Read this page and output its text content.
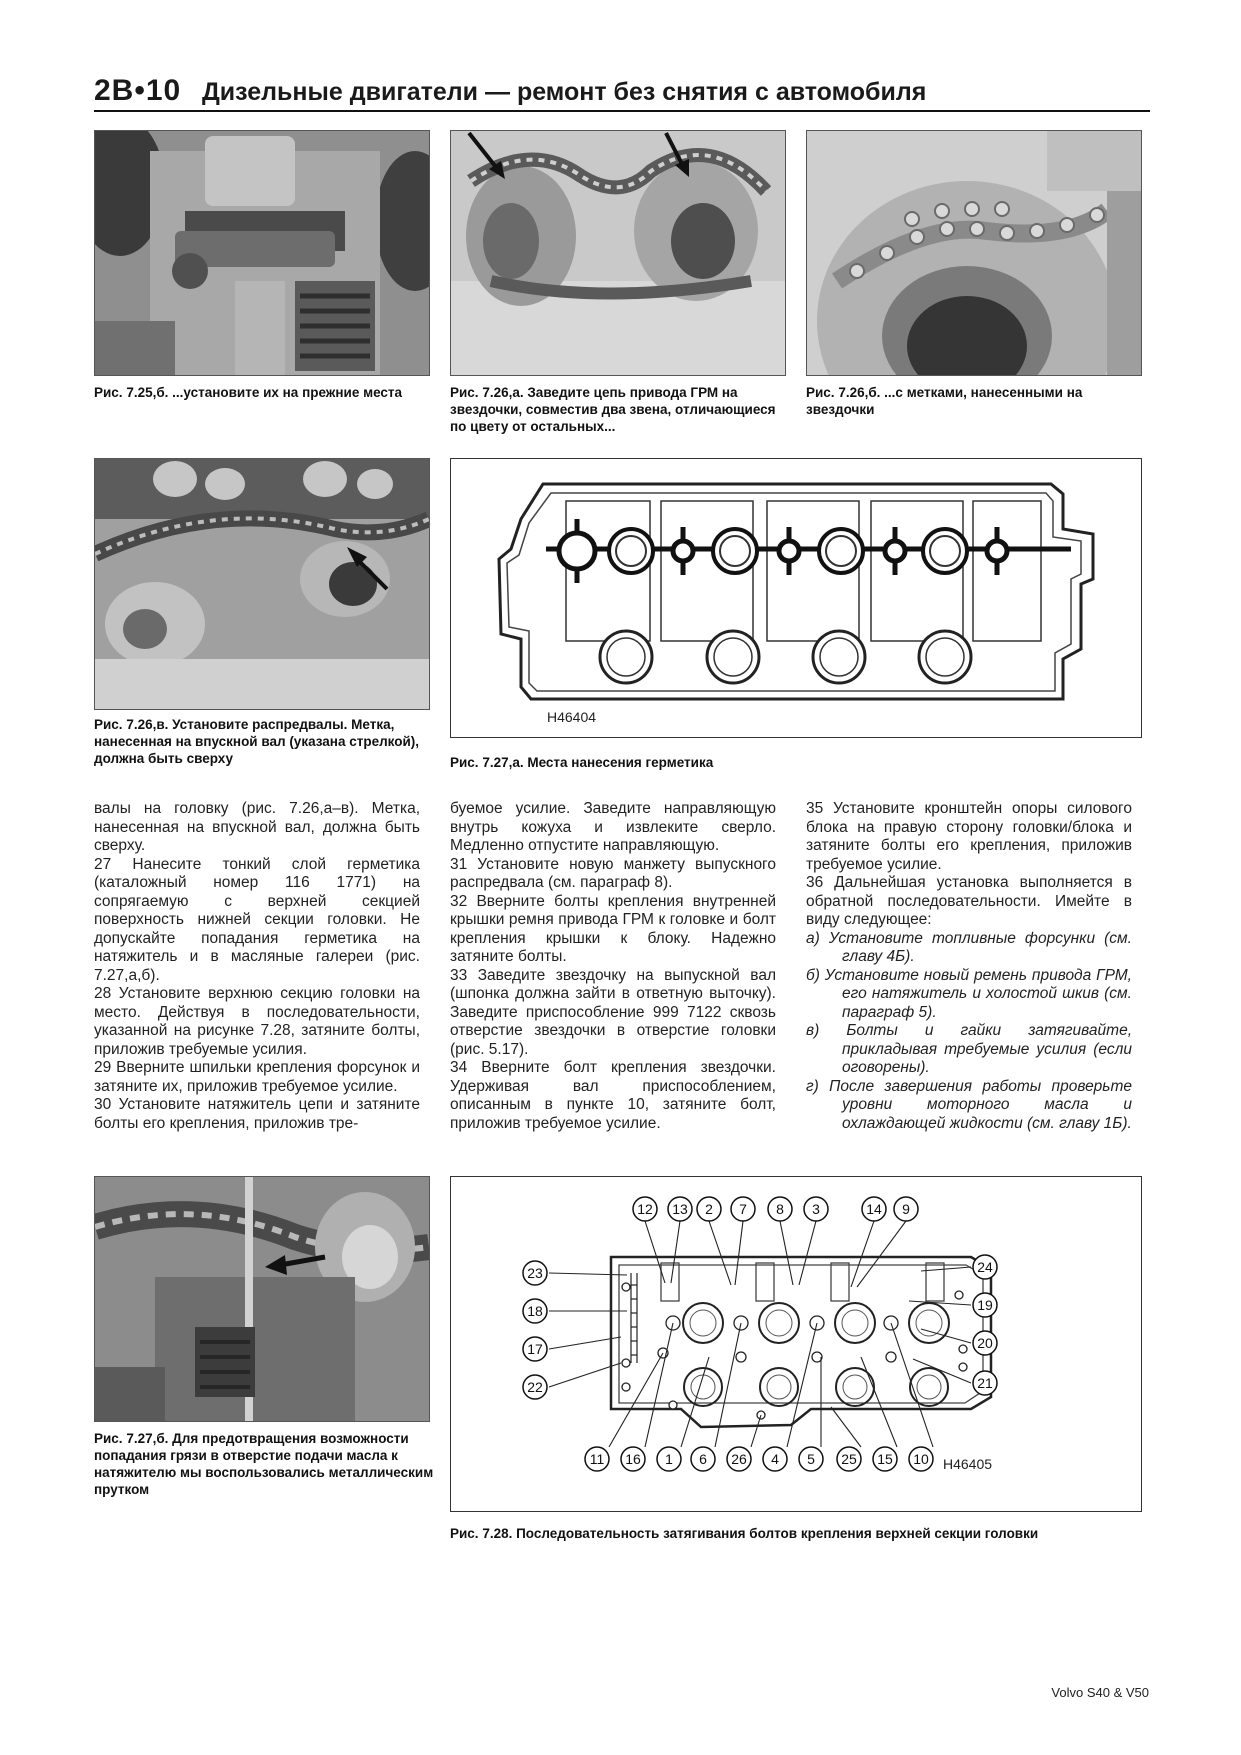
2В•10 Дизельные двигатели — ремонт без снятия с автомобиля
Рис. 7.25,б. ...установите их на прежние места	Рис. 7.26,а. Заведите цепь привода ГРМ на звездочки, совместив два звена, отличающиеся по цвету от остальных...
Рис. 7.26,б. ...с метками, нанесенными на звездочки
Рис. 7.26,в. Установите распредвалы. Метка, нанесенная на впускной вал (указана стрелкой), должна быть сверху
H46404
Рис. 7.27,а. Места нанесения герметика

валы на головку (рис. 7.26,а–в). Метка, нанесенная на впускной вал, должна быть сверху.

27 Нанесите тонкий слой герметика (каталожный номер 116 1771) на сопрягаемую с верхней секцией поверхность нижней секции головки. Не допускайте попадания герметика на натяжитель и в масляные галереи (рис. 7.27,а,б).

28 Установите верхнюю секцию головки на место. Действуя в последовательности, указанной на рисунке 7.28, затяните болты, приложив требуемые усилия.

29 Вверните шпильки крепления форсунок и затяните их, приложив требуемое усилие.

30 Установите натяжитель цепи и затяните болты его крепления, приложив тре-

буемое усилие. Заведите направляющую внутрь кожуха и извлеките сверло. Медленно отпустите направляющую.

31 Установите новую манжету выпускного распредвала (см. параграф 8).

32 Вверните болты крепления внутренней крышки ремня привода ГРМ к головке и болт крепления крышки к блоку. Надежно затяните болты.

33 Заведите звездочку на выпускной вал (шпонка должна зайти в ответную выточку). Заведите приспособление 999 7122 сквозь отверстие звездочки в отверстие головки (рис. 5.17).

34 Вверните болт крепления звездочки. Удерживая вал приспособлением, описанным в пункте 10, затяните болт, приложив требуемое усилие.

35 Установите кронштейн опоры силового блока на правую сторону головки/блока и затяните болты его крепления, приложив требуемое усилие.

36 Дальнейшая установка выполняется в обратной последовательности. Имейте в виду следующее:

а) Установите топливные форсунки (см. главу 4Б).

б) Установите новый ремень привода ГРМ, его натяжитель и холостой шкив (см. параграф 5).

в) Болты и гайки затягивайте, прикладывая требуемые усилия (если оговорены).

г) После завершения работы проверьте уровни моторного масла и охлаждающей жидкости (см. главу 1Б).

Рис. 7.27,б. Для предотвращения возможности попадания грязи в отверстие подачи масла к натяжителю мы воспользовались металлическим прутком
12 13 2 7 8 3	14 9
23
18
17
22
24
19
20
21
11 16 1 6 26 4 5 25 15 10 H46405
Рис. 7.28. Последовательность затягивания болтов крепления верхней секции головки
Volvo S40 & V50
